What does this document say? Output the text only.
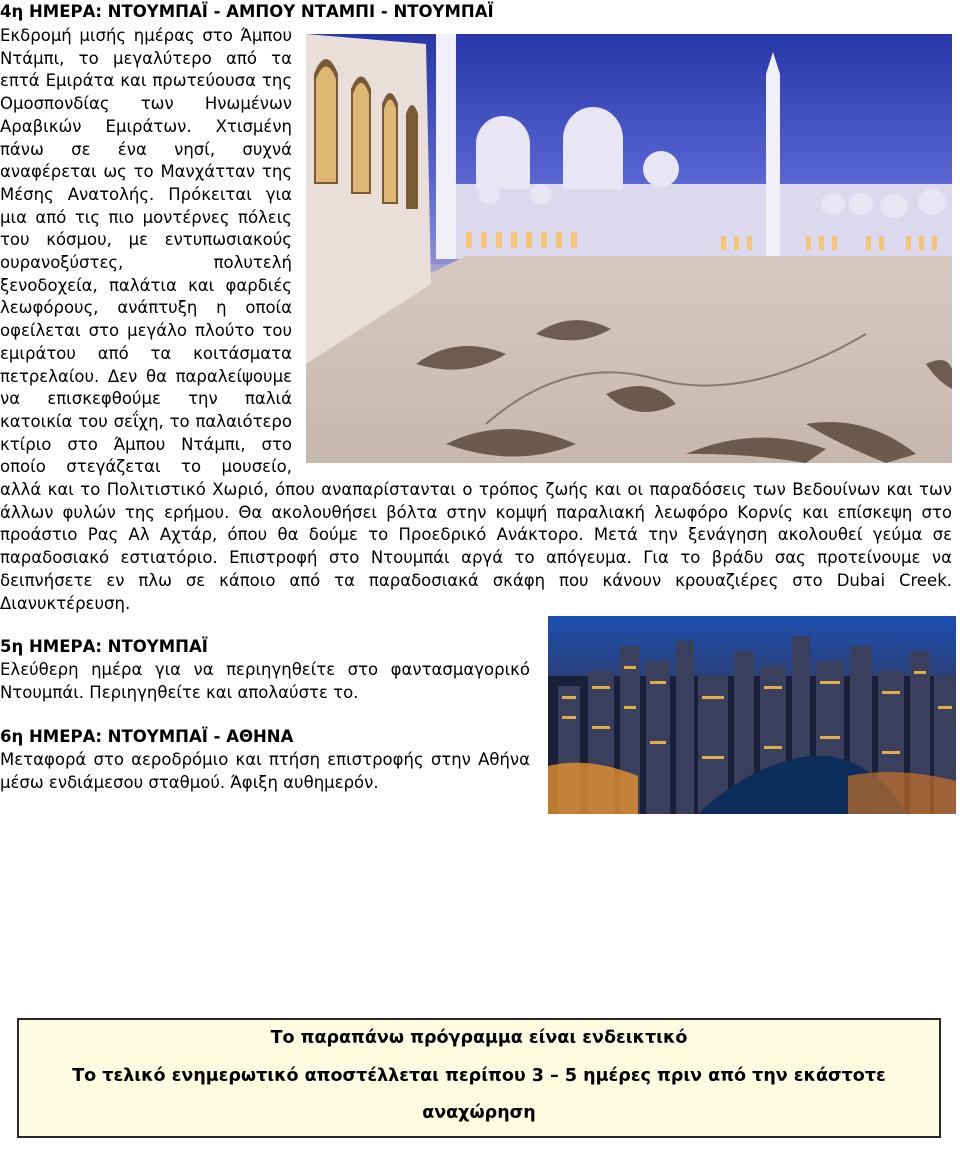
4η ΗΜΕΡΑ: ΝΤΟΥΜΠΑΪ - ΑΜΠΟΥ ΝΤΑΜΠΙ - ΝΤΟΥΜΠΑΪ

Εκδρομή μισής ημέρας στο Άμπου Ντάμπι, το μεγαλύτερο από τα επτά Εμιράτα και πρωτεύουσα της Ομοσπονδίας των Ηνωμένων Αραβικών Εμιράτων. Χτισμένη πάνω σε ένα νησί, συχνά αναφέρεται ως το Μανχάτταν της Μέσης Ανατολής. Πρόκειται για μια από τις πιο μοντέρνες πόλεις του κόσμου, με εντυπωσιακούς ουρανοξύστες, πολυτελή ξενοδοχεία, παλάτια και φαρδιές λεωφόρους, ανάπτυξη η οποία οφείλεται στο μεγάλο πλούτο του εμιράτου από τα κοιτάσματα πετρελαίου. Δεν θα παραλείψουμε να επισκεφθούμε την παλιά κατοικία του σεΐχη, το παλαιότερο κτίριο στο Άμπου Ντάμπι, στο οποίο στεγάζεται το μουσείο, αλλά και το Πολιτιστικό Χωριό, όπου αναπαρίστανται ο τρόπος ζωής και οι παραδόσεις των Βεδουίνων και των άλλων φυλών της ερήμου. Θα ακολουθήσει βόλτα στην κομψή παραλιακή λεωφόρο Κορνίς και επίσκεψη στο προάστιο Ρας Αλ Αχτάρ, όπου θα δούμε το Προεδρικό Ανάκτορο. Μετά την ξενάγηση ακολουθεί γεύμα σε παραδοσιακό εστιατόριο. Επιστροφή στο Ντουμπάι αργά το απόγευμα. Για το βράδυ σας προτείνουμε να δειπνήσετε εν πλω σε κάποιο από τα παραδοσιακά σκάφη που κάνουν κρουαζιέρες στο Dubai Creek. Διανυκτέρευση.

5η ΗΜΕΡΑ: ΝΤΟΥΜΠΑΪ

Ελεύθερη ημέρα για να περιηγηθείτε στο φαντασμαγορικό Ντουμπάι. Περιηγηθείτε και απολαύστε το.

6η ΗΜΕΡΑ: ΝΤΟΥΜΠΑΪ - ΑΘΗΝΑ

Μεταφορά στο αεροδρόμιο και πτήση επιστροφής στην Αθήνα μέσω ενδιάμεσου σταθμού. Άφιξη αυθημερόν.

Το παραπάνω πρόγραμμα είναι ενδεικτικό
Το τελικό ενημερωτικό αποστέλλεται περίπου 3 – 5 ημέρες πριν από την εκάστοτε
αναχώρηση
